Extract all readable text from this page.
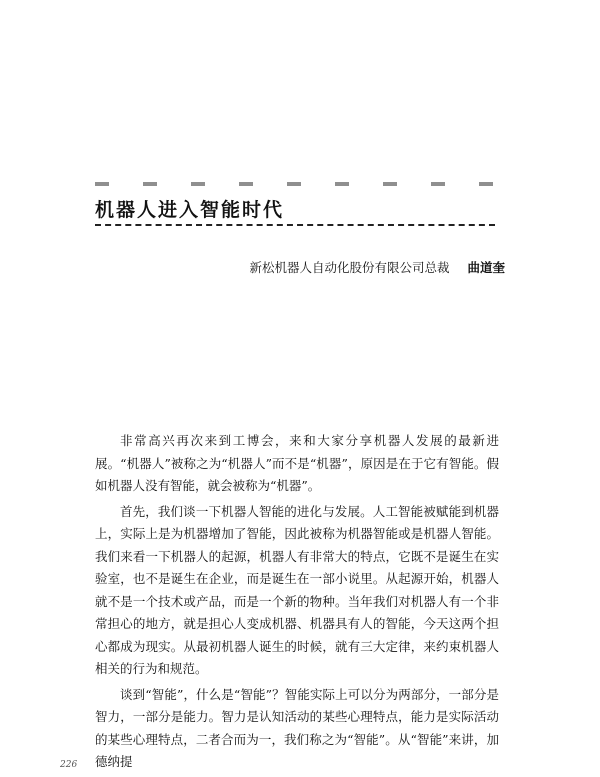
机器人进入智能时代
新松机器人自动化股份有限公司总裁 曲道奎

非常高兴再次来到工博会，来和大家分享机器人发展的最新进展。“机器人”被称之为“机器人”而不是“机器”，原因是在于它有智能。假如机器人没有智能，就会被称为“机器”。

首先，我们谈一下机器人智能的进化与发展。人工智能被赋能到机器上，实际上是为机器增加了智能，因此被称为机器智能或是机器人智能。我们来看一下机器人的起源，机器人有非常大的特点，它既不是诞生在实验室，也不是诞生在企业，而是诞生在一部小说里。从起源开始，机器人就不是一个技术或产品，而是一个新的物种。当年我们对机器人有一个非常担心的地方，就是担心人变成机器、机器具有人的智能，今天这两个担心都成为现实。从最初机器人诞生的时候，就有三大定律，来约束机器人相关的行为和规范。

谈到“智能”，什么是“智能”？智能实际上可以分为两部分，一部分是智力，一部分是能力。智力是认知活动的某些心理特点，能力是实际活动的某些心理特点，二者合而为一，我们称之为“智能”。从“智能”来讲，加德纳提

226
